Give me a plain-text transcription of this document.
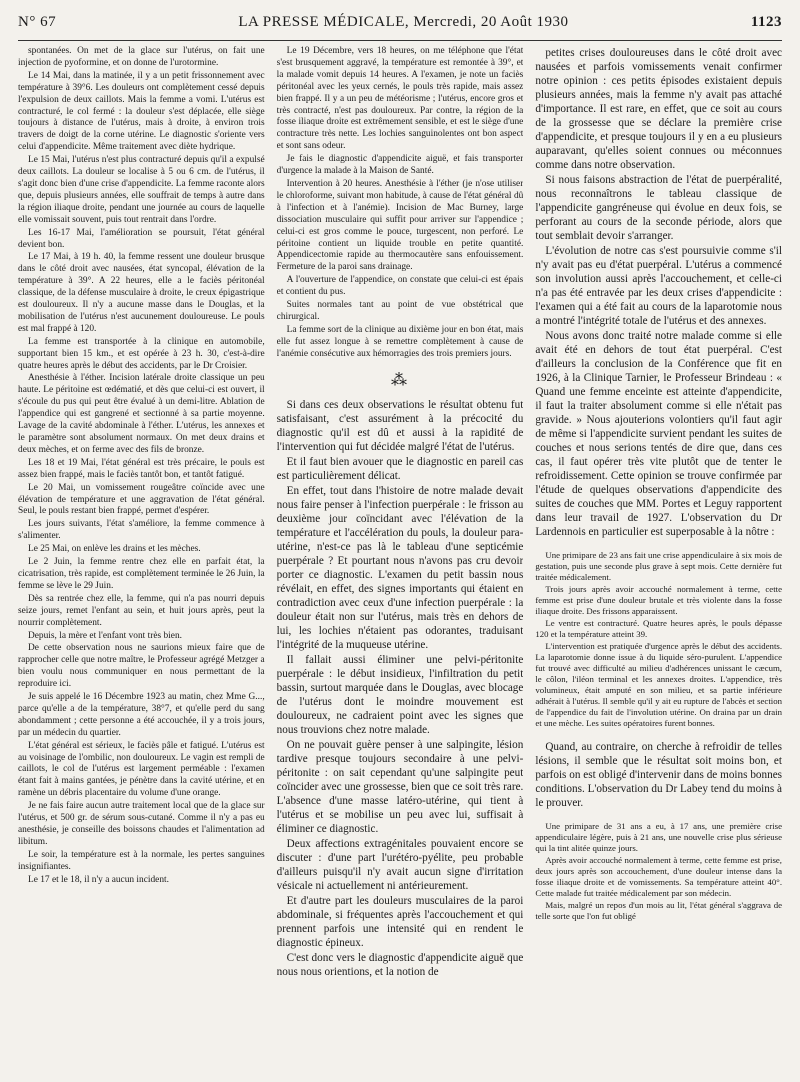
N° 67	LA PRESSE MÉDICALE, Mercredi, 20 Août 1930	1123

spontanées. On met de la glace sur l'utérus, on fait une injection de pyoformine, et on donne de l'urotormine.

Le 14 Mai, dans la matinée, il y a un petit frissonnement avec température à 39°6. Les douleurs ont complètement cessé depuis l'expulsion de deux caillots. Mais la femme a vomi. L'utérus est contracturé, le col fermé : la douleur s'est déplacée, elle siège toujours à distance de l'utérus, mais à droite, à environ trois travers de doigt de la corne utérine. Le diagnostic s'oriente vers celui d'appendicite. Même traitement avec diète hydrique.

Le 15 Mai, l'utérus n'est plus contracturé depuis qu'il a expulsé deux caillots. La douleur se localise à 5 ou 6 cm. de l'utérus, il s'agit donc bien d'une crise d'appendicite. La femme raconte alors que, depuis plusieurs années, elle souffrait de temps à autre dans la région iliaque droite, pendant une journée au cours de laquelle elle vomissait souvent, puis tout rentrait dans l'ordre.

Les 16-17 Mai, l'amélioration se poursuit, l'état général devient bon.

Le 17 Mai, à 19 h. 40, la femme ressent une douleur brusque dans le côté droit avec nausées, état syncopal, élévation de la température à 39°. A 22 heures, elle a le faciès péritonéal classique, de la défense musculaire à droite, le creux épigastrique est douloureux. Il n'y a aucune masse dans le Douglas, et la mobilisation de l'utérus n'est aucunement douloureuse. Le pouls est mal frappé à 120.

La femme est transportée à la clinique en automobile, supportant bien 15 km., et est opérée à 23 h. 30, c'est-à-dire quatre heures après le début des accidents, par le Dr Croisier.

Anesthésie à l'éther. Incision latérale droite classique un peu haute. Le péritoine est œdématié, et dès que celui-ci est ouvert, il s'écoule du pus qui peut être évalué à un demi-litre. Ablation de l'appendice qui est gangrené et sectionné à sa partie moyenne. Lavage de la cavité abdominale à l'éther. L'utérus, les annexes et le paramètre sont absolument normaux. On met deux drains et deux mèches, et on ferme avec des fils de bronze.

Les 18 et 19 Mai, l'état général est très précaire, le pouls est assez bien frappé, mais le faciès tantôt bon, et tantôt fatigué.

Le 20 Mai, un vomissement rougeâtre coïncide avec une élévation de température et une aggravation de l'état général. Seul, le pouls restant bien frappé, permet d'espérer.

Les jours suivants, l'état s'améliore, la femme commence à s'alimenter.

Le 25 Mai, on enlève les drains et les mèches.

Le 2 Juin, la femme rentre chez elle en parfait état, la cicatrisation, très rapide, est complètement terminée le 26 Juin, la femme se lève le 29 Juin.

Dès sa rentrée chez elle, la femme, qui n'a pas nourri depuis seize jours, remet l'enfant au sein, et huit jours après, peut la nourrir complètement.

Depuis, la mère et l'enfant vont très bien.

De cette observation nous ne saurions mieux faire que de rapprocher celle que notre maître, le Professeur agrégé Metzger a bien voulu nous communiquer en nous permettant de la reproduire ici.

Je suis appelé le 16 Décembre 1923 au matin, chez Mme G..., parce qu'elle a de la température, 38°7, et qu'elle perd du sang abondamment ; cette personne a été accouchée, il y a trois jours, par un médecin du quartier.

L'état général est sérieux, le faciès pâle et fatigué. L'utérus est au voisinage de l'ombilic, non douloureux. Le vagin est rempli de caillots, le col de l'utérus est largement perméable : l'examen étant fait à mains gantées, je pénètre dans la cavité utérine, et en ramène un débris placentaire du volume d'une orange.

Je ne fais faire aucun autre traitement local que de la glace sur l'utérus, et 500 gr. de sérum sous-cutané. Comme il n'y a pas eu anesthésie, je conseille des boissons chaudes et l'alimentation ad libitum.

Le soir, la température est à la normale, les pertes sanguines insignifiantes.

Le 17 et le 18, il n'y a aucun incident.

Le 19 Décembre, vers 18 heures, on me téléphone que l'état s'est brusquement aggravé, la température est remontée à 39°, et la malade vomit depuis 14 heures. A l'examen, je note un faciès péritonéal avec les yeux cernés, le pouls très rapide, mais assez bien frappé. Il y a un peu de météorisme ; l'utérus, encore gros et très contracté, n'est pas douloureux. Par contre, la région de la fosse iliaque droite est extrêmement sensible, et est le siège d'une contracture très nette. Les lochies sanguinolentes ont bon aspect et sont sans odeur.

Je fais le diagnostic d'appendicite aiguë, et fais transporter d'urgence la malade à la Maison de Santé.

Intervention à 20 heures. Anesthésie à l'éther (je n'ose utiliser le chloroforme, suivant mon habitude, à cause de l'état général dû à l'infection et à l'anémie). Incision de Mac Burney, large dissociation musculaire qui suffit pour arriver sur l'appendice ; celui-ci est gros comme le pouce, turgescent, non perforé. Le péritoine contient un liquide trouble en petite quantité. Appendicectomie rapide au thermocautère sans enfouissement. Fermeture de la paroi sans drainage.

A l'ouverture de l'appendice, on constate que celui-ci est épais et contient du pus.

Suites normales tant au point de vue obstétrical que chirurgical.

La femme sort de la clinique au dixième jour en bon état, mais elle fut assez longue à se remettre complètement à cause de l'anémie consécutive aux hémorragies des trois premiers jours.

⁂

Si dans ces deux observations le résultat obtenu fut satisfaisant, c'est assurément à la précocité du diagnostic qu'il est dû et aussi à la rapidité de l'intervention qui fut décidée malgré l'état de l'utérus.

Et il faut bien avouer que le diagnostic en pareil cas est particulièrement délicat.

En effet, tout dans l'histoire de notre malade devait nous faire penser à l'infection puerpérale : le frisson au deuxième jour coïncidant avec l'élévation de la température et l'accélération du pouls, la douleur para-utérine, n'est-ce pas là le tableau d'une septicémie puerpérale ? Et pourtant nous n'avons pas cru devoir porter ce diagnostic. L'examen du petit bassin nous révélait, en effet, des signes importants qui étaient en contradiction avec ceux d'une infection puerpérale : la douleur était non sur l'utérus, mais très en dehors de lui, les lochies n'étaient pas odorantes, traduisant l'intégrité de la muqueuse utérine.

Il fallait aussi éliminer une pelvi-péritonite puerpérale : le début insidieux, l'infiltration du petit bassin, surtout marquée dans le Douglas, avec blocage de l'utérus dont le moindre mouvement est douloureux, ne cadraient point avec les signes que nous trouvions chez notre malade.

On ne pouvait guère penser à une salpingite, lésion tardive presque toujours secondaire à une pelvi-péritonite : on sait cependant qu'une salpingite peut coïncider avec une grossesse, bien que ce soit très rare. L'absence d'une masse latéro-utérine, qui tient à l'utérus et se mobilise un peu avec lui, suffisait à éliminer ce diagnostic.

Deux affections extragénitales pouvaient encore se discuter : d'une part l'urétéro-pyélite, peu probable d'ailleurs puisqu'il n'y avait aucun signe d'irritation vésicale ni actuellement ni antérieurement.

Et d'autre part les douleurs musculaires de la paroi abdominale, si fréquentes après l'accouchement et qui prennent parfois une intensité qui en rendent le diagnostic épineux.

C'est donc vers le diagnostic d'appendicite aiguë que nous nous orientions, et la notion de

petites crises douloureuses dans le côté droit avec nausées et parfois vomissements venait confirmer notre opinion : ces petits épisodes existaient depuis plusieurs années, mais la femme n'y avait pas attaché d'importance. Il est rare, en effet, que ce soit au cours de la grossesse que se déclare la première crise d'appendicite, et presque toujours il y en a eu plusieurs auparavant, qu'elles soient connues ou méconnues comme dans notre observation.

Si nous faisons abstraction de l'état de puerpéralité, nous reconnaîtrons le tableau classique de l'appendicite gangréneuse qui évolue en deux fois, se perforant au cours de la seconde période, alors que tout semblait devoir s'arranger.

L'évolution de notre cas s'est poursuivie comme s'il n'y avait pas eu d'état puerpéral. L'utérus a commencé son involution aussi après l'accouchement, et celle-ci n'a pas été entravée par les deux crises d'appendicite : l'examen qui a été fait au cours de la laparotomie nous a montré l'intégrité totale de l'utérus et des annexes.

Nous avons donc traité notre malade comme si elle avait été en dehors de tout état puerpéral. C'est d'ailleurs la conclusion de la Conférence que fit en 1926, à la Clinique Tarnier, le Professeur Brindeau : « Quand une femme enceinte est atteinte d'appendicite, il faut la traiter absolument comme si elle n'était pas gravide. » Nous ajouterions volontiers qu'il faut agir de même si l'appendicite survient pendant les suites de couches et nous serions tentés de dire que, dans ces cas, il faut opérer très vite plutôt que de tenter le refroidissement. Cette opinion se trouve confirmée par l'étude de quelques observations d'appendicite des suites de couches que MM. Portes et Leguy rapportent dans leur travail de 1927. L'observation du Dr Lardennois en particulier est superposable à la nôtre :

Une primipare de 23 ans fait une crise appendiculaire à six mois de gestation, puis une seconde plus grave à sept mois. Cette dernière fut traitée médicalement.

Trois jours après avoir accouché normalement à terme, cette femme est prise d'une douleur brutale et très violente dans la fosse iliaque droite. Des frissons apparaissent.

Le ventre est contracturé. Quatre heures après, le pouls dépasse 120 et la température atteint 39.

L'intervention est pratiquée d'urgence après le début des accidents. La laparotomie donne issue à du liquide séro-purulent. L'appendice fut trouvé avec difficulté au milieu d'adhérences unissant le cæcum, le côlon, l'iléon terminal et les annexes droites. L'appendice, très volumineux, était amputé en son milieu, et sa partie inférieure adhérait à l'utérus. Il semble qu'il y ait eu rupture de l'abcès et section de l'appendice du fait de l'involution utérine. On draina par un drain et une mèche. Les suites opératoires furent bonnes.

Quand, au contraire, on cherche à refroidir de telles lésions, il semble que le résultat soit moins bon, et parfois on est obligé d'intervenir dans de moins bonnes conditions. L'observation du Dr Labey tend du moins à le prouver.

Une primipare de 31 ans a eu, à 17 ans, une première crise appendiculaire légère, puis à 21 ans, une nouvelle crise plus sérieuse qui la tint alitée quinze jours.

Après avoir accouché normalement à terme, cette femme est prise, deux jours après son accouchement, d'une douleur intense dans la fosse iliaque droite et de vomissements. Sa température atteint 40°. Cette malade fut traitée médicalement par son médecin.

Mais, malgré un repos d'un mois au lit, l'état général s'aggrava de telle sorte que l'on fut obligé
